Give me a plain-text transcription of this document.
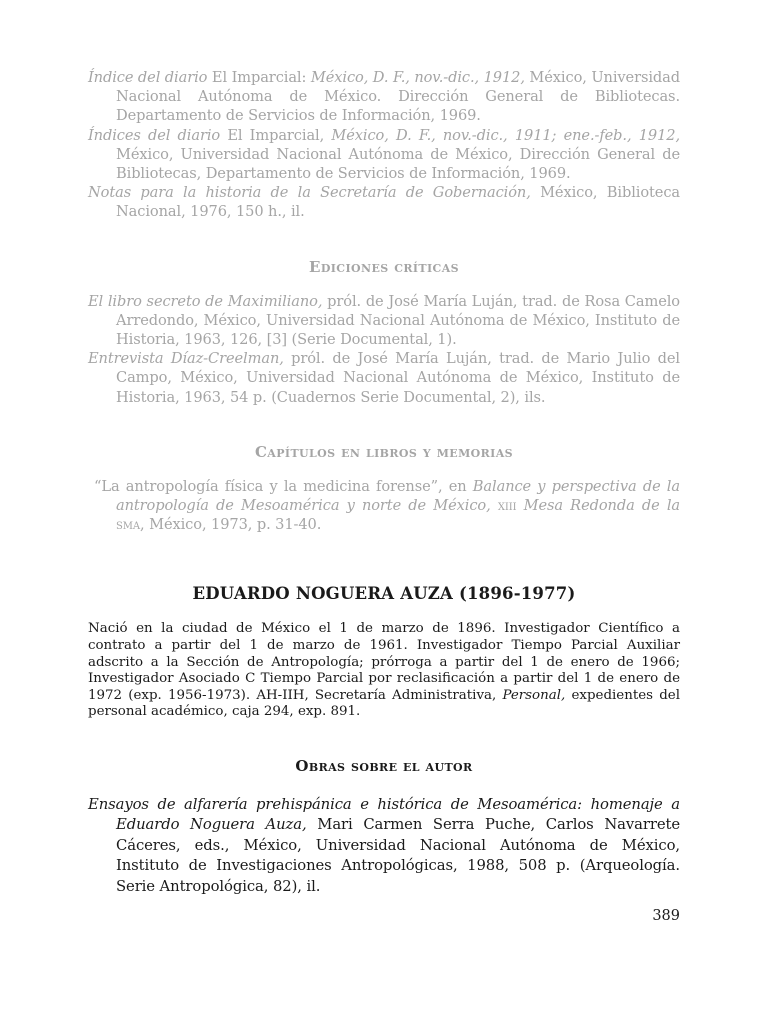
Índice del diario El Imparcial: México, D. F., nov.-dic., 1912, México, Universidad Nacional Autónoma de México. Dirección General de Bibliotecas. Departamento de Servicios de Información, 1969.

Índices del diario El Imparcial, México, D. F., nov.-dic., 1911; ene.-feb., 1912, México, Universidad Nacional Autónoma de México, Dirección General de Bibliotecas, Departamento de Servicios de Información, 1969.

Notas para la historia de la Secretaría de Gobernación, México, Biblioteca Nacional, 1976, 150 h., il.

Ediciones críticas

El libro secreto de Maximiliano, pról. de José María Luján, trad. de Rosa Camelo Arredondo, México, Universidad Nacional Autónoma de México, Instituto de Historia, 1963, 126, [3] (Serie Documental, 1).

Entrevista Díaz-Creelman, pról. de José María Luján, trad. de Mario Julio del Campo, México, Universidad Nacional Autónoma de México, Instituto de Historia, 1963, 54 p. (Cuadernos Serie Documental, 2), ils.

Capítulos en libros y memorias

“La antropología física y la medicina forense”, en Balance y perspectiva de la antropología de Mesoamérica y norte de México, xiii Mesa Redonda de la sma, México, 1973, p. 31-40.

EDUARDO NOGUERA AUZA (1896-1977)

Nació en la ciudad de México el 1 de marzo de 1896. Investigador Científico a contrato a partir del 1 de marzo de 1961. Investigador Tiempo Parcial Auxiliar adscrito a la Sección de Antropología; prórroga a partir del 1 de enero de 1966; Investigador Asociado C Tiempo Parcial por reclasificación a partir del 1 de enero de 1972 (exp. 1956-1973). AH-IIH, Secretaría Administrativa, Personal, expedientes del personal académico, caja 294, exp. 891.

Obras sobre el autor

Ensayos de alfarería prehispánica e histórica de Mesoamérica: homenaje a Eduardo Noguera Auza, Mari Carmen Serra Puche, Carlos Navarrete Cáceres, eds., México, Universidad Nacional Autónoma de México, Instituto de Investigaciones Antropológicas, 1988, 508 p. (Arqueología. Serie Antropológica, 82), il.

389
